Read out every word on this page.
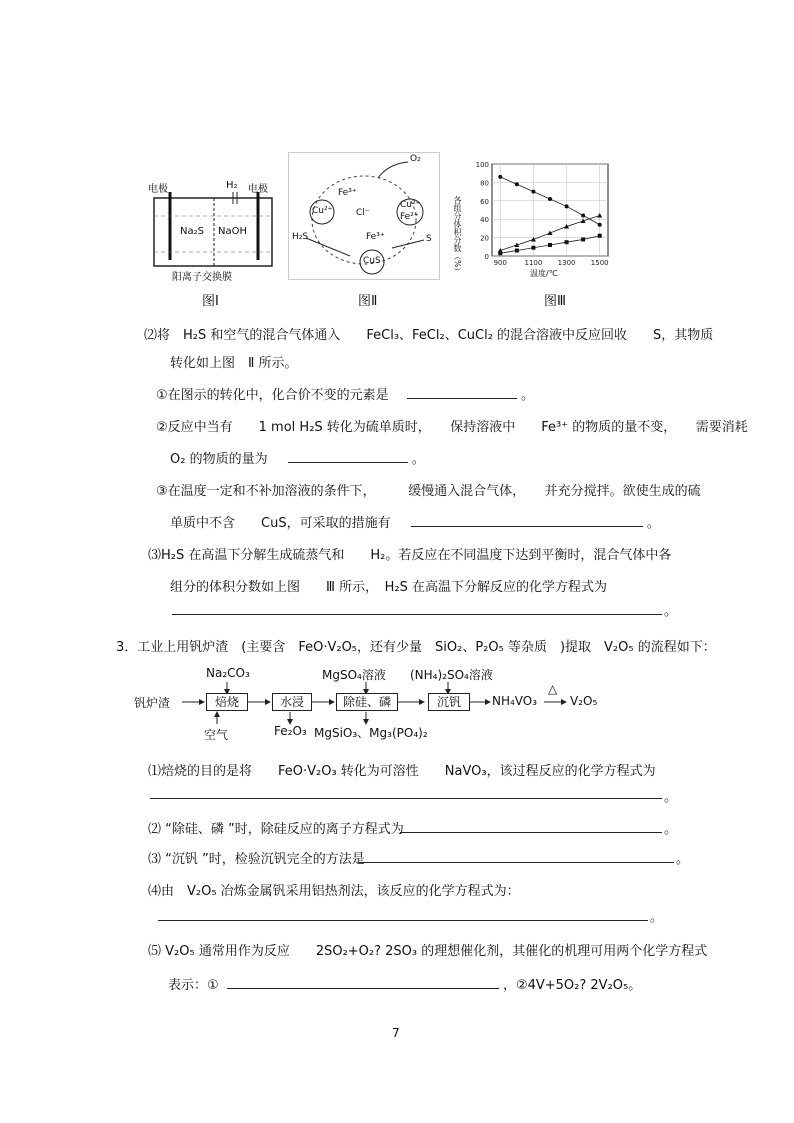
电极	H₂ 电极
Na₂S NaOH
阳离子交换膜
图Ⅰ
O₂
Fe³⁺
Cu²⁺	Cl⁻
Cu²⁺
Fe²⁺
Fe³⁺
H₂S	S
CuS
图Ⅱ
0
20
40
60
80
100
900	1100 1300 1500
各组分体积分数（%）	温度/℃
图Ⅲ
⑵将　H₂S 和空气的混合气体通入　　FeCl₃、FeCl₂、CuCl₂ 的混合溶液中反应回收　　S，其物质
转化如上图　Ⅱ 所示。
①在图示的转化中，化合价不变的元素是	。
②反应中当有　　1 mol H₂S 转化为硫单质时，　　保持溶液中　　Fe³⁺ 的物质的量不变，　　需要消耗
O₂ 的物质的量为	。
③在温度一定和不补加溶液的条件下，　　　缓慢通入混合气体，　　并充分搅拌。欲使生成的硫
单质中不含　　CuS，可采取的措施有	。
⑶H₂S 在高温下分解生成硫蒸气和　　H₂。若反应在不同温度下达到平衡时，混合气体中各
组分的体积分数如上图　　Ⅲ 所示，　H₂S 在高温下分解反应的化学方程式为
。
3．工业上用钒炉渣　(主要含　FeO·V₂O₅，还有少量　SiO₂、P₂O₅ 等杂质　)提取　V₂O₅ 的流程如下：
钒炉渣	焙烧	水浸	除硅、磷	沉钒
Na₂CO₃	MgSO₄溶液 (NH₄)₂SO₄溶液
空气	Fe₂O₃ MgSiO₃、Mg₃(PO₄)₂
NH₄VO₃
△
V₂O₅
⑴焙烧的目的是将　　FeO·V₂O₃ 转化为可溶性　　NaVO₃，该过程反应的化学方程式为
。
⑵ “除硅、磷 ”时，除硅反应的离子方程式为	。
⑶ “沉钒 ”时，检验沉钒完全的方法是	。
⑷由　V₂O₅ 冶炼金属钒采用铝热剂法，该反应的化学方程式为：
。
⑸ V₂O₅ 通常用作为反应　　2SO₂+O₂? 2SO₃ 的理想催化剂，其催化的机理可用两个化学方程式
表示：①	，②4V+5O₂? 2V₂O₅。
7
